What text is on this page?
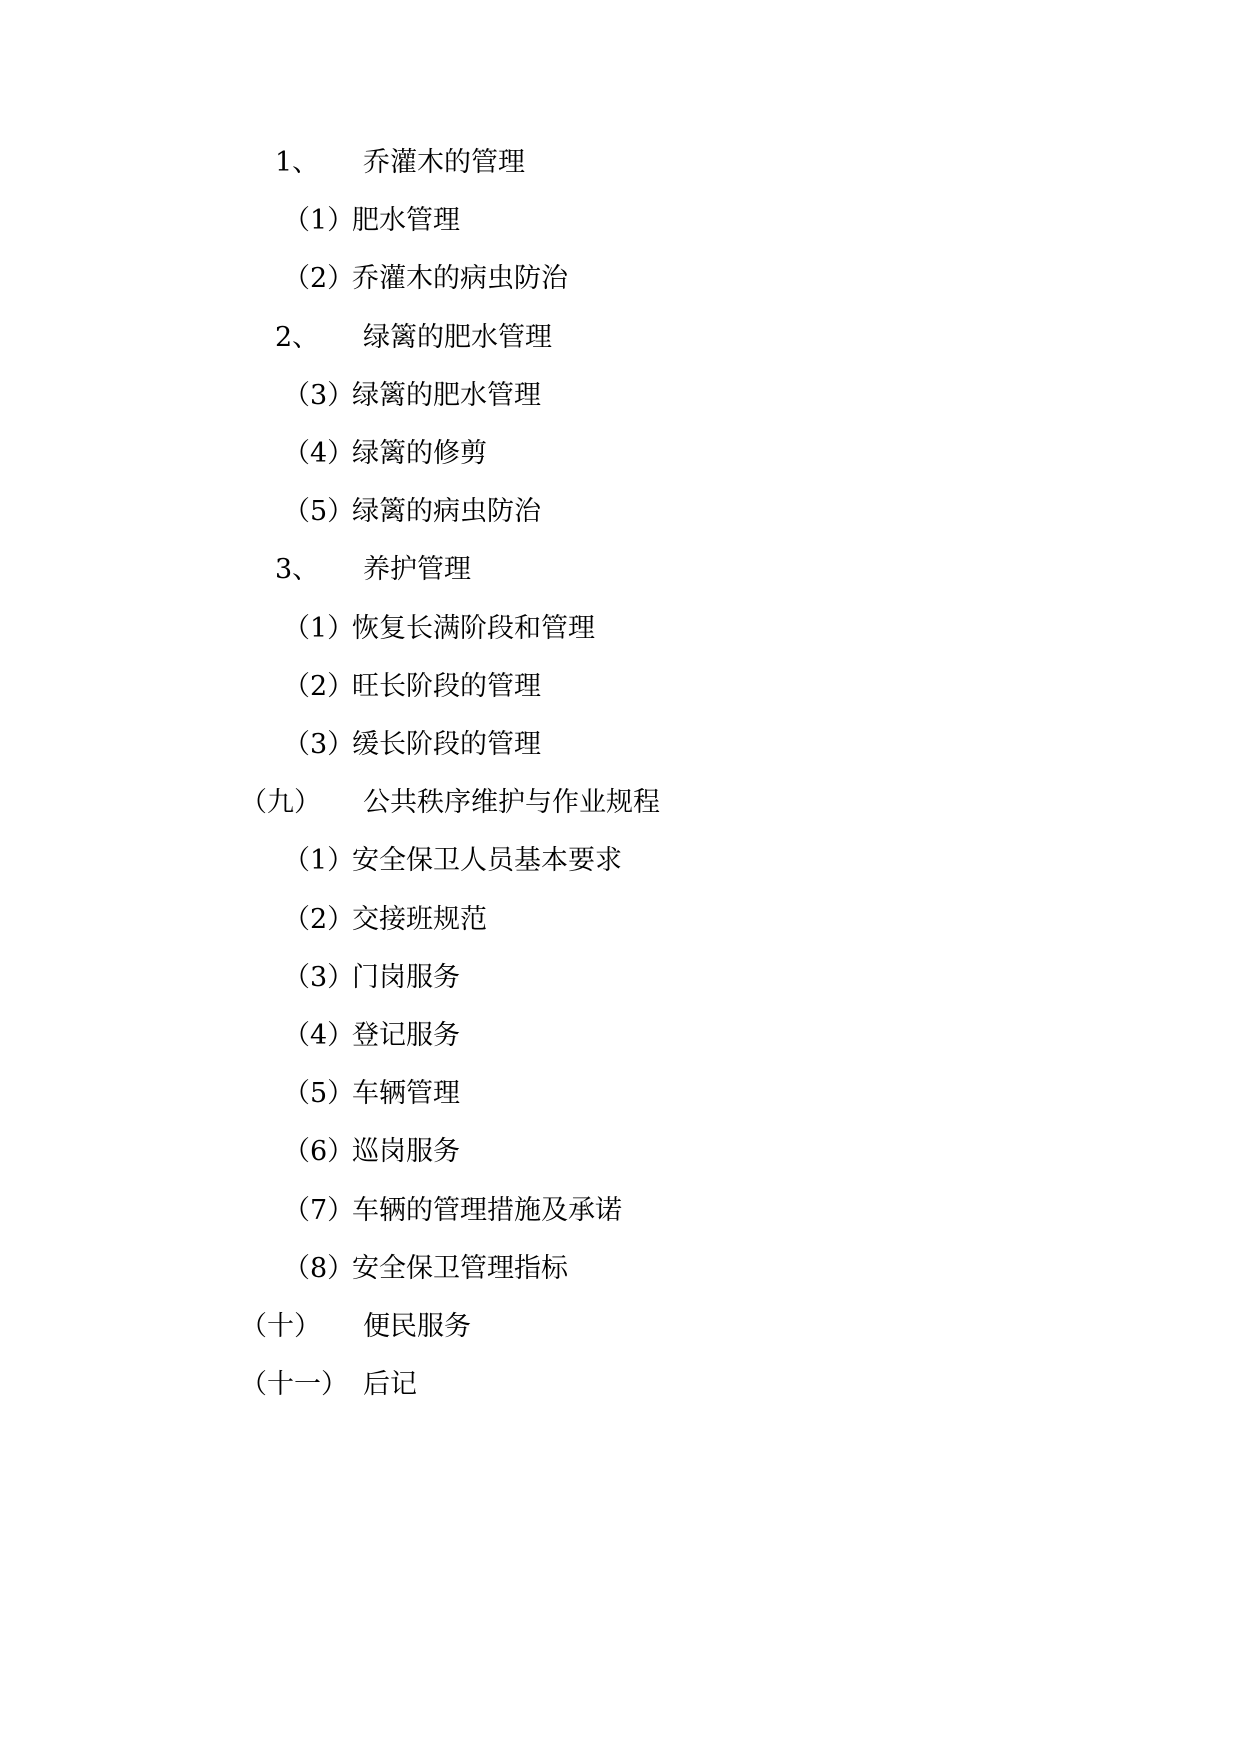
1、 乔灌木的管理
（1）
肥水管理
（2）
乔灌木的病虫防治
2、 绿篱的肥水管理
（3）
绿篱的肥水管理
（4）
绿篱的修剪
（5）
绿篱的病虫防治
3、 养护管理
（1）
恢复长满阶段和管理
（2）
旺长阶段的管理
（3）
缓长阶段的管理
（九） 公共秩序维护与作业规程
（1）
安全保卫人员基本要求
（2）
交接班规范
（3）
门岗服务
（4）
登记服务
（5）
车辆管理
（6）
巡岗服务
（7）
车辆的管理措施及承诺
（8）
安全保卫管理指标
（十） 便民服务
（十一） 后记
